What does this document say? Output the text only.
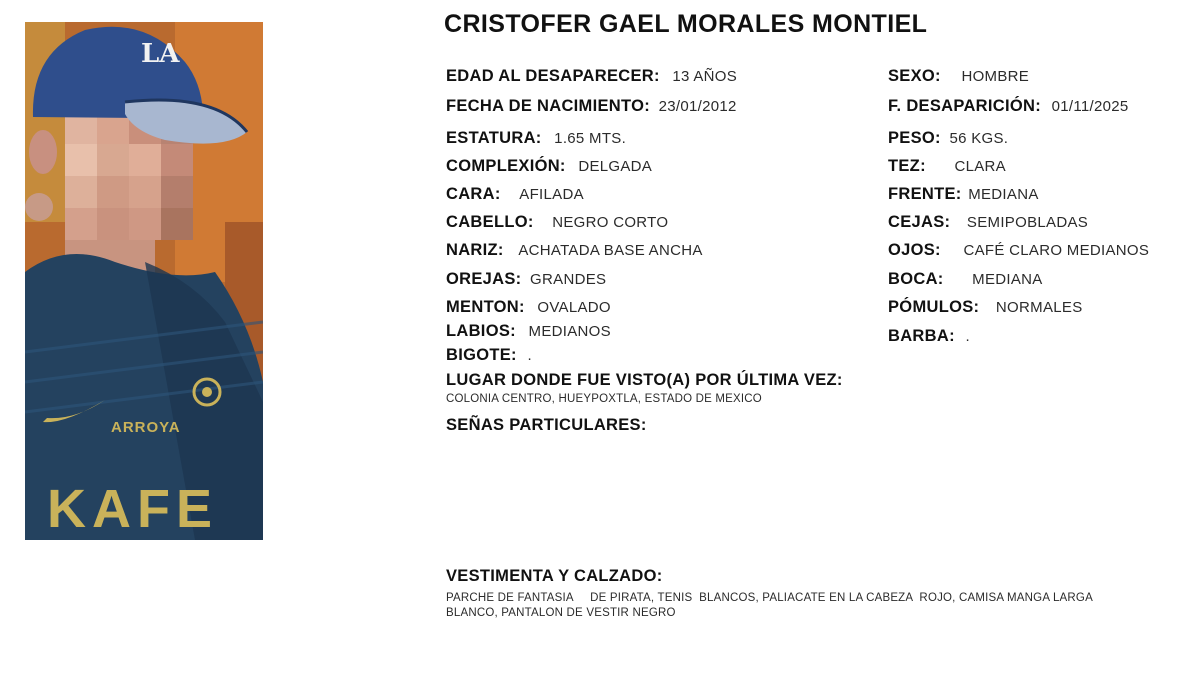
LA
ARROYA
KAFE
CRISTOFER GAEL MORALES MONTIEL
EDAD AL DESAPARECER: 13 AÑOS
FECHA DE NACIMIENTO: 23/01/2012
ESTATURA: 1.65 MTS.
COMPLEXIÓN: DELGADA
CARA: AFILADA
CABELLO: NEGRO CORTO
NARIZ: ACHATADA BASE ANCHA
OREJAS: GRANDES
MENTON: OVALADO
LABIOS: MEDIANOS
BIGOTE: .
SEXO: HOMBRE
F. DESAPARICIÓN: 01/11/2025
PESO: 56 KGS.
TEZ: CLARA
FRENTE: MEDIANA
CEJAS: SEMIPOBLADAS
OJOS: CAFÉ CLARO MEDIANOS
BOCA: MEDIANA
PÓMULOS: NORMALES
BARBA: .
LUGAR DONDE FUE VISTO(A) POR ÚLTIMA VEZ:
COLONIA CENTRO, HUEYPOXTLA, ESTADO DE MEXICO
SEÑAS PARTICULARES:
VESTIMENTA Y CALZADO:
PARCHE DE FANTASIA     DE PIRATA, TENIS  BLANCOS, PALIACATE EN LA CABEZA  ROJO, CAMISA MANGA LARGA
BLANCO, PANTALON DE VESTIR NEGRO
